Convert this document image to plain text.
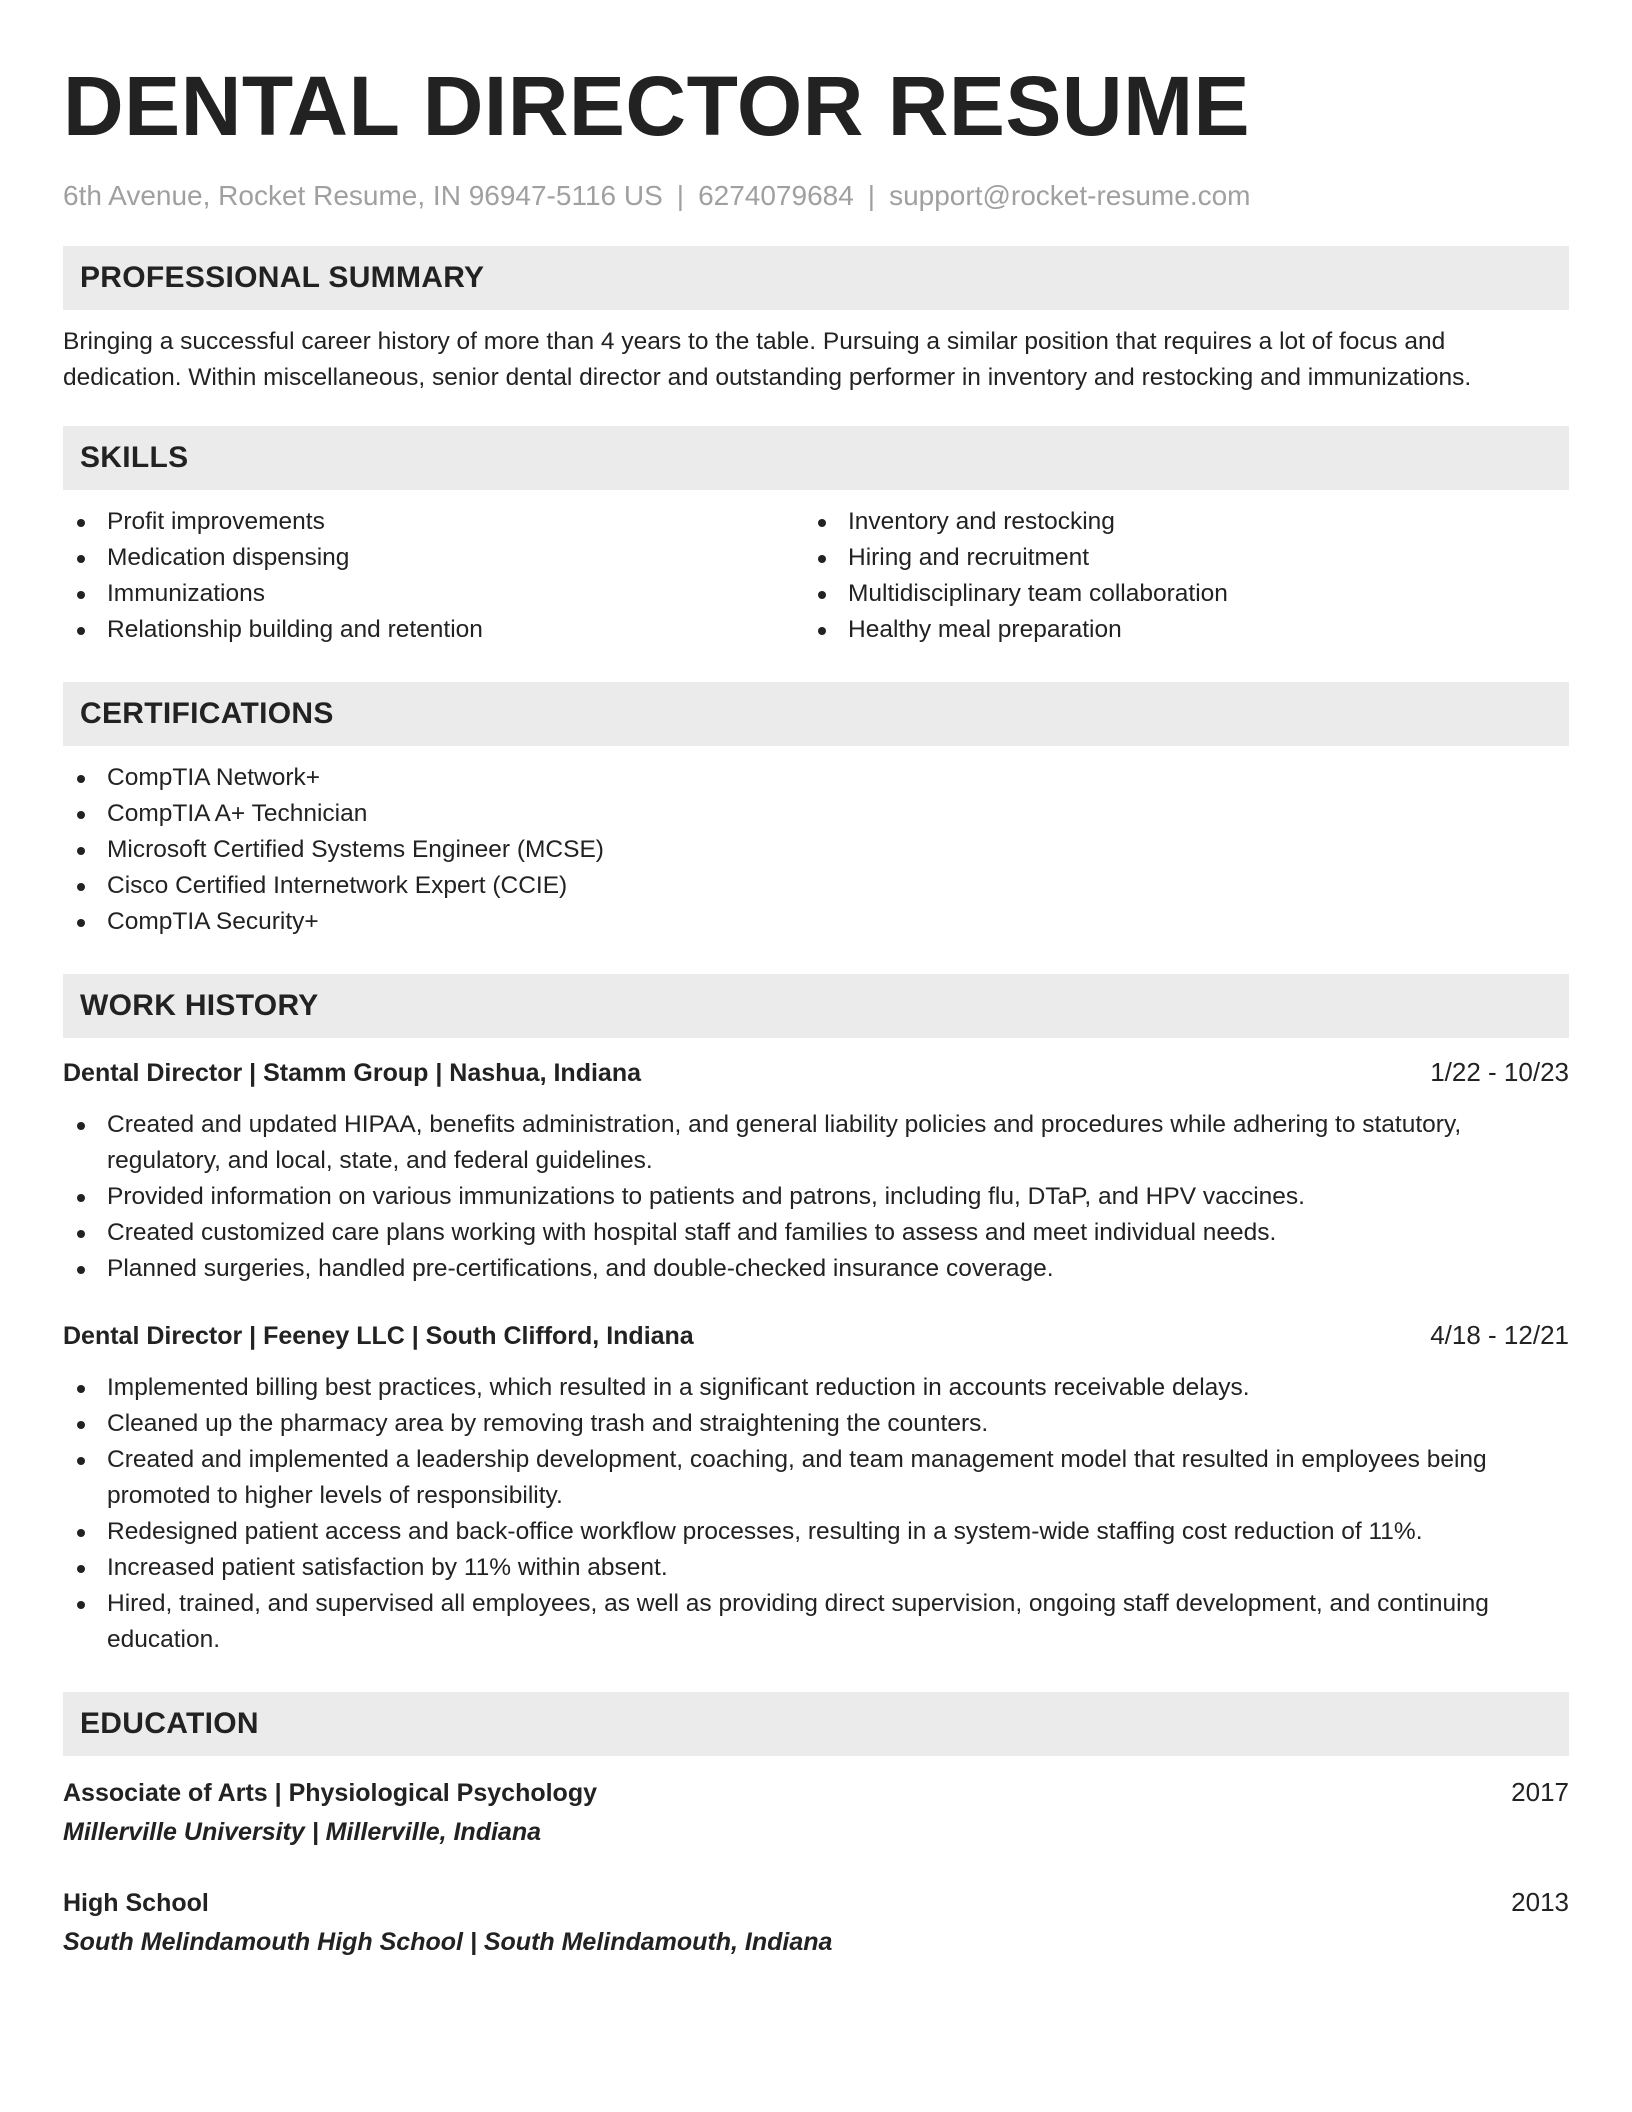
DENTAL DIRECTOR RESUME
6th Avenue, Rocket Resume, IN 96947-5116 US | 6274079684 | support@rocket-resume.com
PROFESSIONAL SUMMARY

Bringing a successful career history of more than 4 years to the table. Pursuing a similar position that requires a lot of focus and
dedication. Within miscellaneous, senior dental director and outstanding performer in inventory and restocking and immunizations.

SKILLS
Profit improvements
Medication dispensing
Immunizations
Relationship building and retention
Inventory and restocking
Hiring and recruitment
Multidisciplinary team collaboration
Healthy meal preparation
CERTIFICATIONS
CompTIA Network+
CompTIA A+ Technician
Microsoft Certified Systems Engineer (MCSE)
Cisco Certified Internetwork Expert (CCIE)
CompTIA Security+
WORK HISTORY
Dental Director | Stamm Group | Nashua, Indiana	1/22 - 10/23
Created and updated HIPAA, benefits administration, and general liability policies and procedures while adhering to statutory, regulatory, and local, state, and federal guidelines.
Provided information on various immunizations to patients and patrons, including flu, DTaP, and HPV vaccines.
Created customized care plans working with hospital staff and families to assess and meet individual needs.
Planned surgeries, handled pre-certifications, and double-checked insurance coverage.
Dental Director | Feeney LLC | South Clifford, Indiana	4/18 - 12/21
Implemented billing best practices, which resulted in a significant reduction in accounts receivable delays.
Cleaned up the pharmacy area by removing trash and straightening the counters.
Created and implemented a leadership development, coaching, and team management model that resulted in employees being promoted to higher levels of responsibility.
Redesigned patient access and back-office workflow processes, resulting in a system-wide staffing cost reduction of 11%.
Increased patient satisfaction by 11% within absent.
Hired, trained, and supervised all employees, as well as providing direct supervision, ongoing staff development, and continuing education.
EDUCATION
Associate of Arts | Physiological Psychology	2017
Millerville University | Millerville, Indiana
High School	2013
South Melindamouth High School | South Melindamouth, Indiana
